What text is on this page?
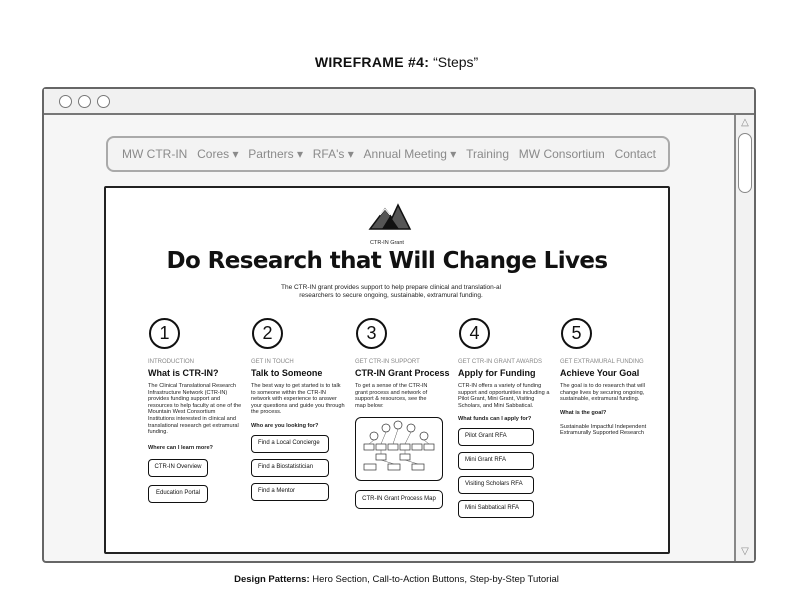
WIREFRAME #4: “Steps”
△
▽
MW CTR-IN Cores ▾ Partners ▾ RFA's ▾ Annual Meeting ▾ Training MW Consortium Contact
CTR-IN Grant
Do Research that Will Change Lives
The CTR-IN grant provides support to help prepare clinical and translation-al researchers to secure ongoing, sustainable, extramural funding.
1
INTRODUCTION
What is CTR-IN?
The Clinical Translational Research Infrastructure Network (CTR-IN) provides funding support and resources to help faculty at one of the Mountain West Consortium Institutions interested in clinical and translational research get extramural funding.
Where can I learn more?
CTR-IN Overview
Education Portal
2
GET IN TOUCH
Talk to Someone
The best way to get started is to talk to someone within the CTR-IN network with experience to answer your questions and guide you through the process.
Who are you looking for?
Find a Local Concierge
Find a Biostatistician
Find a Mentor
3
GET CTR-IN SUPPORT
CTR-IN Grant Process
To get a sense of the CTR-IN grant process and network of support & resources, see the map below:
CTR-IN Grant Process Map
4
GET CTR-IN GRANT AWARDS
Apply for Funding
CTR-IN offers a variety of funding support and opportunities including a Pilot Grant, Mini Grant, Visiting Scholars, and Mini Sabbatical.
What funds can I apply for?
Pilot Grant RFA
Mini Grant RFA
Visiting Scholars RFA
Mini Sabbatical RFA
5
GET EXTRAMURAL FUNDING
Achieve Your Goal
The goal is to do research that will change lives by securing ongoing, sustainable, extramural funding.
What is the goal?
Sustainable Impactful Independent Extramurally Supported Research
Design Patterns: Hero Section, Call-to-Action Buttons, Step-by-Step Tutorial
